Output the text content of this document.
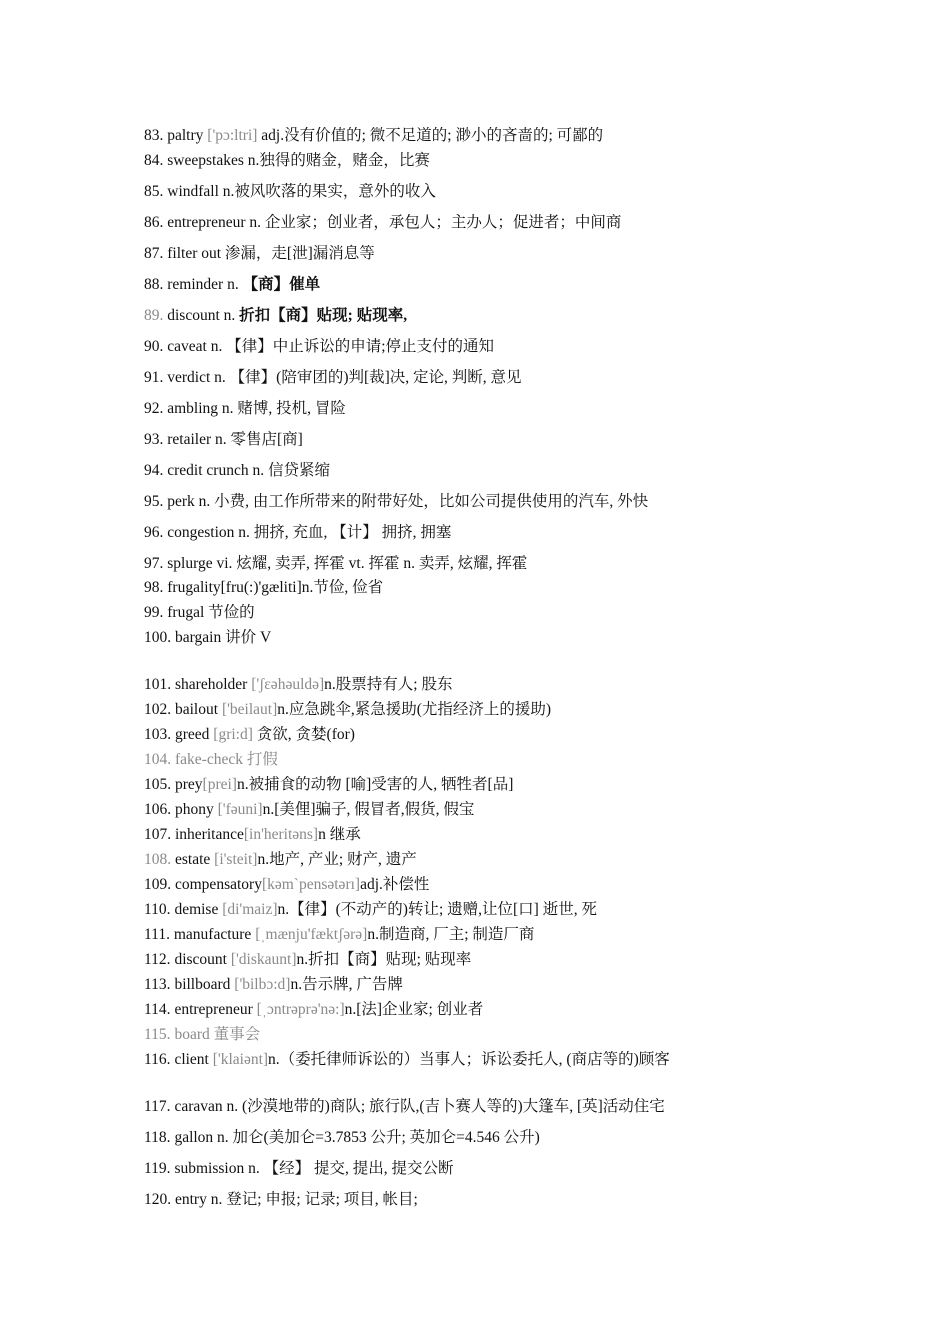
83. paltry ['pɔ:ltri] adj.没有价值的; 微不足道的; 渺小的吝啬的; 可鄙的
84. sweepstakes n.独得的赌金，赌金，比赛
85. windfall n.被风吹落的果实，意外的收入
86. entrepreneur n. 企业家；创业者，承包人；主办人；促进者；中间商
87. filter out 渗漏，走[泄]漏消息等
88. reminder n. 【商】催单
89. discount n. 折扣【商】贴现; 贴现率,
90. caveat n. 【律】中止诉讼的申请;停止支付的通知
91. verdict n. 【律】(陪审团的)判[裁]决, 定论, 判断, 意见
92. ambling n. 赌博, 投机, 冒险
93. retailer n. 零售店[商]
94. credit crunch n. 信贷紧缩
95. perk n. 小费, 由工作所带来的附带好处，比如公司提供使用的汽车, 外快
96. congestion n. 拥挤, 充血, 【计】 拥挤, 拥塞
97. splurge vi. 炫耀, 卖弄, 挥霍 vt. 挥霍 n. 卖弄, 炫耀, 挥霍
98. frugality[fru(:)'gæliti]n.节俭, 俭省
99. frugal 节俭的
100. bargain 讲价 V
101. shareholder ['ʃɛəhəuldə]n.股票持有人; 股东
102. bailout ['beilaut]n.应急跳伞,紧急援助(尤指经济上的援助)
103. greed [gri:d] 贪欲, 贪婪(for)
104. fake-check 打假
105. prey[prei]n.被捕食的动物 [喻]受害的人, 牺牲者[品]
106. phony ['fəuni]n.[美俚]骗子, 假冒者,假货, 假宝
107. inheritance[in'heritəns]n 继承
108. estate [i'steit]n.地产, 产业; 财产, 遗产
109. compensatory[kəm`pensətərı]adj.补偿性
110. demise [di'maiz]n.【律】(不动产的)转让; 遗赠,让位[口] 逝世, 死
111. manufacture [ˌmænju'fæktʃərə]n.制造商, 厂主; 制造厂商
112. discount ['diskaunt]n.折扣【商】贴现; 贴现率
113. billboard ['bilbɔ:d]n.告示牌, 广告牌
114. entrepreneur [ˌɔntrəprə'nə:]n.[法]企业家; 创业者
115. board 董事会
116. client ['klaiənt]n.（委托律师诉讼的）当事人；诉讼委托人, (商店等的)顾客
117. caravan n. (沙漠地带的)商队; 旅行队,(吉卜赛人等的)大篷车, [英]活动住宅
118. gallon n. 加仑(美加仑=3.7853 公升; 英加仑=4.546 公升)
119. submission n. 【经】 提交, 提出, 提交公断
120. entry n. 登记; 申报; 记录; 项目, 帐目;
